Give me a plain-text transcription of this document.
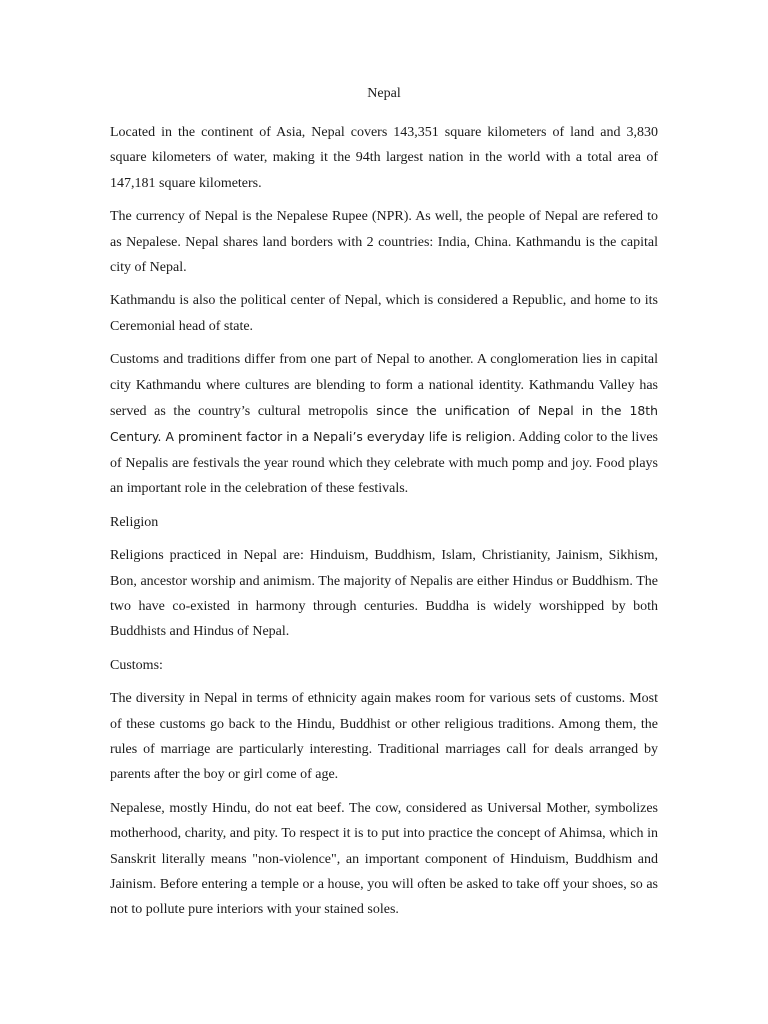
Nepal

Located in the continent of Asia, Nepal covers 143,351 square kilometers of land and 3,830 square kilometers of water, making it the 94th largest nation in the world with a total area of 147,181 square kilometers.

The currency of Nepal is the Nepalese Rupee (NPR). As well, the people of Nepal are refered to as Nepalese. Nepal shares land borders with 2 countries: India, China. Kathmandu is the capital city of Nepal.

Kathmandu is also the political center of Nepal, which is considered a Republic, and home to its Ceremonial head of state.

Customs and traditions differ from one part of Nepal to another. A conglomeration lies in capital city Kathmandu where cultures are blending to form a national identity. Kathmandu Valley has served as the country’s cultural metropolis since the unification of Nepal in the 18th Century. A prominent factor in a Nepali’s everyday life is religion. Adding color to the lives of Nepalis are festivals the year round which they celebrate with much pomp and joy. Food plays an important role in the celebration of these festivals.

Religion

Religions practiced in Nepal are: Hinduism, Buddhism, Islam, Christianity, Jainism, Sikhism, Bon, ancestor worship and animism. The majority of Nepalis are either Hindus or Buddhism. The two have co-existed in harmony through centuries. Buddha is widely worshipped by both Buddhists and Hindus of Nepal.

Customs:

The diversity in Nepal in terms of ethnicity again makes room for various sets of customs. Most of these customs go back to the Hindu, Buddhist or other religious traditions. Among them, the rules of marriage are particularly interesting. Traditional marriages call for deals arranged by parents after the boy or girl come of age.

Nepalese, mostly Hindu, do not eat beef. The cow, considered as Universal Mother, symbolizes motherhood, charity, and pity. To respect it is to put into practice the concept of Ahimsa, which in Sanskrit literally means "non-violence", an important component of Hinduism, Buddhism and Jainism. Before entering a temple or a house, you will often be asked to take off your shoes, so as not to pollute pure interiors with your stained soles.
